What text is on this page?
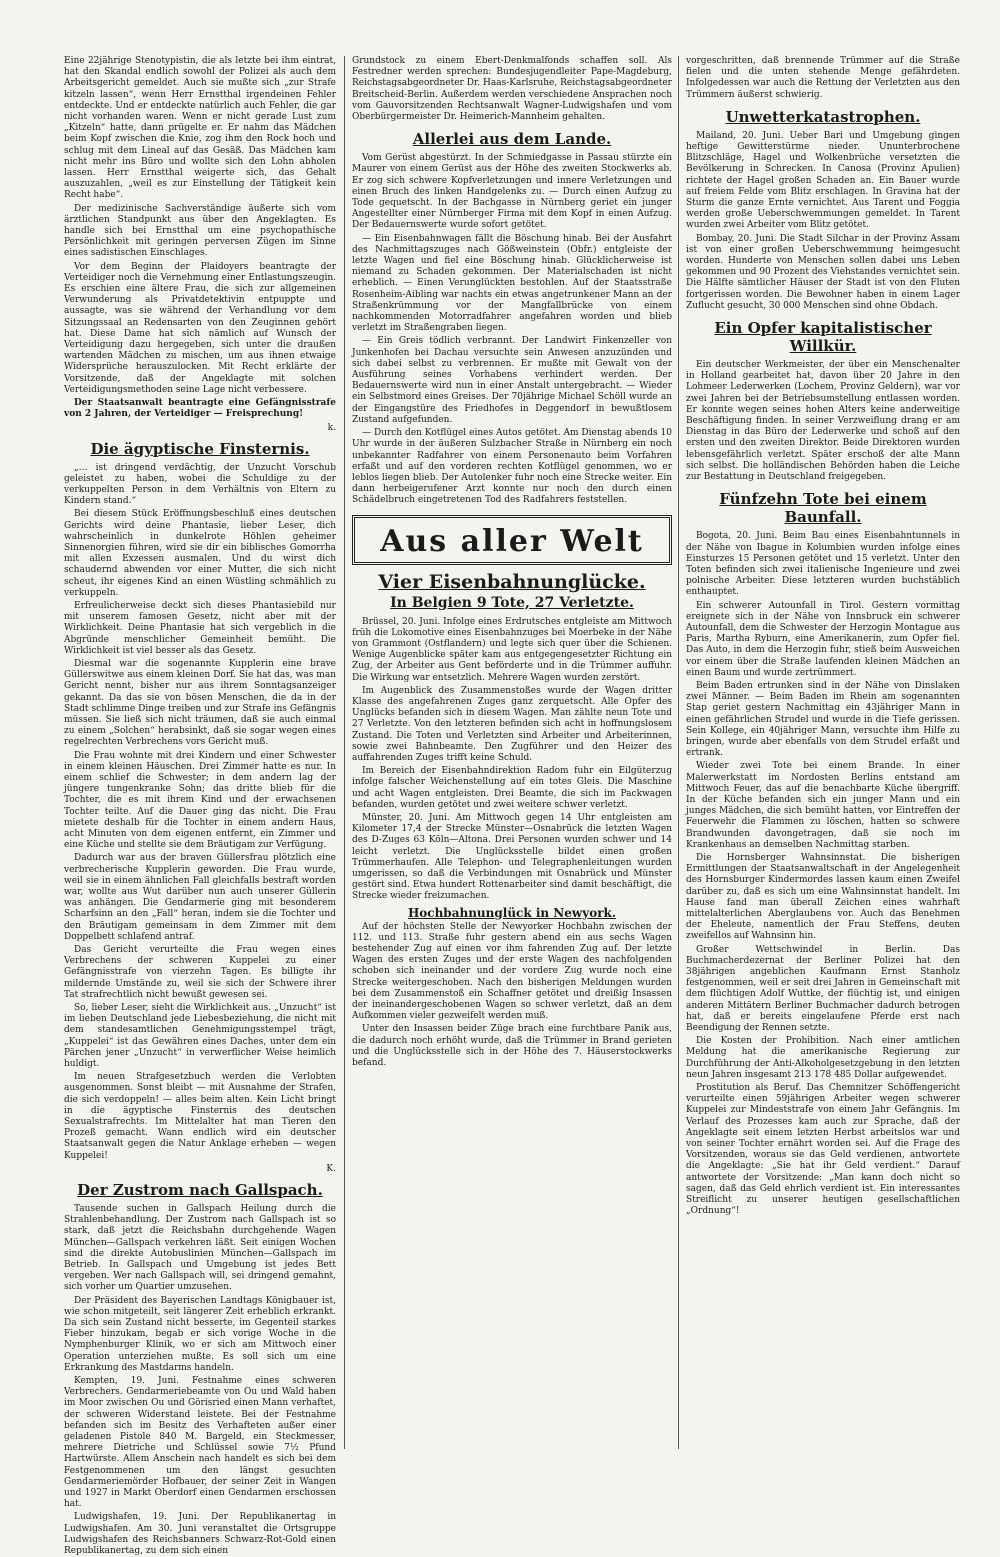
Eine 22jährige Stenotypistin, die als letzte bei ihm eintrat, hat den Skandal endlich sowohl der Polizei als auch dem Arbeitsgericht gemeldet. Auch sie mußte sich „zur Strafe kitzeln lassen“, wenn Herr Ernstthal irgendeinen Fehler entdeckte. Und er entdeckte natürlich auch Fehler, die gar nicht vorhanden waren. Wenn er nicht gerade Lust zum „Kitzeln“ hatte, dann prügelte er. Er nahm das Mädchen beim Kopf zwischen die Knie, zog ihm den Rock hoch und schlug mit dem Lineal auf das Gesäß. Das Mädchen kam nicht mehr ins Büro und wollte sich den Lohn abholen lassen. Herr Ernstthal weigerte sich, das Gehalt auszuzahlen, „weil es zur Einstellung der Tätigkeit kein Recht habe“.

Der medizinische Sachverständige äußerte sich vom ärztlichen Standpunkt aus über den Angeklagten. Es handle sich bei Ernstthal um eine psychopathische Persönlichkeit mit geringen perversen Zügen im Sinne eines sadistischen Einschlages.

Vor dem Beginn der Plaidoyers beantragte der Verteidiger noch die Vernehmung einer Entlastungszeugin. Es erschien eine ältere Frau, die sich zur allgemeinen Verwunderung als Privatdetektivin entpuppte und aussagte, was sie während der Verhandlung vor dem Sitzungssaal an Redensarten von den Zeuginnen gehört hat. Diese Dame hat sich nämlich auf Wunsch der Verteidigung dazu hergegeben, sich unter die draußen wartenden Mädchen zu mischen, um aus ihnen etwaige Widersprüche herauszulocken. Mit Recht erklärte der Vorsitzende, daß der Angeklagte mit solchen Verteidigungsmethoden seine Lage nicht verbessere.

Der Staatsanwalt beantragte eine Gefängnisstrafe von 2 Jahren, der Verteidiger — Freisprechung!

k.
Die ägyptische Finsternis.

„… ist dringend verdächtig, der Unzucht Vorschub geleistet zu haben, wobei die Schuldige zu der verkuppelten Person in dem Verhältnis von Eltern zu Kindern stand.“

Bei diesem Stück Eröffnungsbeschluß eines deutschen Gerichts wird deine Phantasie, lieber Leser, dich wahrscheinlich in dunkelrote Höhlen geheimer Sinnenorgien führen, wird sie dir ein biblisches Gomorrha mit allen Exzessen ausmalen. Und du wirst dich schaudernd abwenden vor einer Mutter, die sich nicht scheut, ihr eigenes Kind an einen Wüstling schmählich zu verkuppeln.

Erfreulicherweise deckt sich dieses Phantasiebild nur mit unserem famosen Gesetz, nicht aber mit der Wirklichkeit. Deine Phantasie hat sich vergeblich in die Abgründe menschlicher Gemeinheit bemüht. Die Wirklichkeit ist viel besser als das Gesetz.

Diesmal war die sogenannte Kupplerin eine brave Güllerswitwe aus einem kleinen Dorf. Sie hat das, was man Gericht nennt, bisher nur aus ihrem Sonntagsanzeiger gekannt. Da das sie von bösen Menschen, die da in der Stadt schlimme Dinge treiben und zur Strafe ins Gefängnis müssen. Sie ließ sich nicht träumen, daß sie auch einmal zu einem „Solchen“ herabsinkt, daß sie sogar wegen eines regelrechten Verbrechens vors Gericht muß.

Die Frau wohnte mit drei Kindern und einer Schwester in einem kleinen Häuschen. Drei Zimmer hatte es nur. In einem schlief die Schwester; in dem andern lag der jüngere tungenkranke Sohn; das dritte blieb für die Tochter, die es mit ihrem Kind und der erwachsenen Tochter teilte. Auf die Dauer ging das nicht. Die Frau mietete deshalb für die Tochter in einem andern Haus, acht Minuten von dem eigenen entfernt, ein Zimmer und eine Küche und stellte sie dem Bräutigam zur Verfügung.

Dadurch war aus der braven Güllersfrau plötzlich eine verbrecherische Kupplerin geworden. Die Frau wurde, weil sie in einem ähnlichen Fall gleichfalls bestraft worden war, wollte aus Wut darüber nun auch unserer Güllerin was anhängen. Die Gendarmerie ging mit besonderem Scharfsinn an den „Fall“ heran, indem sie die Tochter und den Bräutigam gemeinsam in dem Zimmer mit dem Doppelbett schlafend antraf.

Das Gericht verurteilte die Frau wegen eines Verbrechens der schweren Kuppelei zu einer Gefängnisstrafe von vierzehn Tagen. Es billigte ihr mildernde Umstände zu, weil sie sich der Schwere ihrer Tat strafrechtlich nicht bewußt gewesen sei.

So, lieber Leser, sieht die Wirklichkeit aus. „Unzucht“ ist im lieben Deutschland jede Liebesbeziehung, die nicht mit dem standesamtlichen Genehmigungsstempel trägt, „Kuppelei“ ist das Gewähren eines Daches, unter dem ein Pärchen jener „Unzucht“ in verwerflicher Weise heimlich huldigt.

Im neuen Strafgesetzbuch werden die Verlobten ausgenommen. Sonst bleibt — mit Ausnahme der Strafen, die sich verdoppeln! — alles beim alten. Kein Licht bringt in die ägyptische Finsternis des deutschen Sexualstrafrechts. Im Mittelalter hat man Tieren den Prozeß gemacht. Wann endlich wird ein deutscher Staatsanwalt gegen die Natur Anklage erheben — wegen Kuppelei!

K.
Der Zustrom nach Gallspach.

Tausende suchen in Gallspach Heilung durch die Strahlenbehandlung. Der Zustrom nach Gallspach ist so stark, daß jetzt die Reichsbahn durchgehende Wagen München—Gallspach verkehren läßt. Seit einigen Wochen sind die direkte Autobuslinien München—Gallspach im Betrieb. In Gallspach und Umgebung ist jedes Bett vergeben. Wer nach Gallspach will, sei dringend gemahnt, sich vorher um Quartier umzusehen.

Der Präsident des Bayerischen Landtags Königbauer ist, wie schon mitgeteilt, seit längerer Zeit erheblich erkrankt. Da sich sein Zustand nicht besserte, im Gegenteil starkes Fieber hinzukam, begab er sich vorige Woche in die Nymphenburger Klinik, wo er sich am Mittwoch einer Operation unterziehen mußte. Es soll sich um eine Erkrankung des Mastdarms handeln.

Kempten, 19. Juni. Festnahme eines schweren Verbrechers. Gendarmeriebeamte von Ou und Wald haben im Moor zwischen Ou und Görisried einen Mann verhaftet, der schweren Widerstand leistete. Bei der Festnahme befanden sich im Besitz des Verhafteten außer einer geladenen Pistole 840 M. Bargeld, ein Steckmesser, mehrere Dietriche und Schlüssel sowie 7½ Pfund Hartwürste. Allem Anschein nach handelt es sich bei dem Festgenommenen um den längst gesuchten Gendarmeriemörder Hofbauer, der seiner Zeit in Wangen und 1927 in Markt Oberdorf einen Gendarmen erschossen hat.

Ludwigshafen, 19. Juni. Der Republikanertag in Ludwigshafen. Am 30. Juni veranstaltet die Ortsgruppe Ludwigshafen des Reichsbanners Schwarz-Rot-Gold einen Republikanertag, zu dem sich einen

Grundstock zu einem Ebert-Denkmalfonds schaffen soll. Als Festredner werden sprechen: Bundesjugendleiter Pape-Magdeburg, Reichstagsabgeordneter Dr. Haas-Karlsruhe, Reichstagsabgeordneter Breitscheid-Berlin. Außerdem werden verschiedene Ansprachen noch vom Gauvorsitzenden Rechtsanwalt Wagner-Ludwigshafen und vom Oberbürgermeister Dr. Heimerich-Mannheim gehalten.

Allerlei aus dem Lande.

Vom Gerüst abgestürzt. In der Schmiedgasse in Passau stürzte ein Maurer von einem Gerüst aus der Höhe des zweiten Stockwerks ab. Er zog sich schwere Kopfverletzungen und innere Verletzungen und einen Bruch des linken Handgelenks zu. — Durch einen Aufzug zu Tode gequetscht. In der Bachgasse in Nürnberg geriet ein junger Angestellter einer Nürnberger Firma mit dem Kopf in einen Aufzug. Der Bedauernswerte wurde sofort getötet.

— Ein Eisenbahnwagen fällt die Böschung hinab. Bei der Ausfahrt des Nachmittagszuges nach Gößweinstein (Obfr.) entgleiste der letzte Wagen und fiel eine Böschung hinab. Glücklicherweise ist niemand zu Schaden gekommen. Der Materialschaden ist nicht erheblich. — Einen Verunglückten bestohlen. Auf der Staatsstraße Rosenheim-Aibling war nachts ein etwas angetrunkener Mann an der Straßenkrümmung vor der Mangfallbrücke von einem nachkommenden Motorradfahrer angefahren worden und blieb verletzt im Straßengraben liegen.

— Ein Greis tödlich verbrannt. Der Landwirt Finkenzeller von Junkenhofen bei Dachau versuchte sein Anwesen anzuzünden und sich dabei selbst zu verbrennen. Er mußte mit Gewalt von der Ausführung seines Vorhabens verhindert werden. Der Bedauernswerte wird nun in einer Anstalt untergebracht. — Wieder ein Selbstmord eines Greises. Der 70jährige Michael Schöll wurde an der Eingangstüre des Friedhofes in Deggendorf in bewußtlosem Zustand aufgefunden.

— Durch den Kotflügel eines Autos getötet. Am Dienstag abends 10 Uhr wurde in der äußeren Sulzbacher Straße in Nürnberg ein noch unbekannter Radfahrer von einem Personenauto beim Vorfahren erfaßt und auf den vorderen rechten Kotflügel genommen, wo er leblos liegen blieb. Der Autolenker fuhr noch eine Strecke weiter. Ein dann herbeigerufener Arzt konnte nur noch den durch einen Schädelbruch eingetretenen Tod des Radfahrers feststellen.

Aus aller Welt
Vier Eisenbahnunglücke.
In Belgien 9 Tote, 27 Verletzte.

Brüssel, 20. Juni. Infolge eines Erdrutsches entgleiste am Mittwoch früh die Lokomotive eines Eisenbahnzuges bei Moerbeke in der Nähe von Grammont (Ostflandern) und legte sich quer über die Schienen. Wenige Augenblicke später kam aus entgegengesetzter Richtung ein Zug, der Arbeiter aus Gent beförderte und in die Trümmer auffuhr. Die Wirkung war entsetzlich. Mehrere Wagen wurden zerstört.

Im Augenblick des Zusammenstoßes wurde der Wagen dritter Klasse des angefahrenen Zuges ganz zerquetscht. Alle Opfer des Unglücks befanden sich in diesem Wagen. Man zählte neun Tote und 27 Verletzte. Von den letzteren befinden sich acht in hoffnungslosem Zustand. Die Toten und Verletzten sind Arbeiter und Arbeiterinnen, sowie zwei Bahnbeamte. Den Zugführer und den Heizer des auffahrenden Zuges trifft keine Schuld.

Im Bereich der Eisenbahndirektion Radom fuhr ein Eilgüterzug infolge falscher Weichenstellung auf ein totes Gleis. Die Maschine und acht Wagen entgleisten. Drei Beamte, die sich im Packwagen befanden, wurden getötet und zwei weitere schwer verletzt.

Münster, 20. Juni. Am Mittwoch gegen 14 Uhr entgleisten am Kilometer 17,4 der Strecke Münster—Osnabrück die letzten Wagen des D-Zuges 63 Köln—Altona. Drei Personen wurden schwer und 14 leicht verletzt. Die Unglücksstelle bildet einen großen Trümmerhaufen. Alle Telephon- und Telegraphenleitungen wurden umgerissen, so daß die Verbindungen mit Osnabrück und Münster gestört sind. Etwa hundert Rottenarbeiter sind damit beschäftigt, die Strecke wieder freizumachen.

Hochbahnunglück in Newyork.

Auf der höchsten Stelle der Newyorker Hochbahn zwischen der 112. und 113. Straße fuhr gestern abend ein aus sechs Wagen bestehender Zug auf einen vor ihm fahrenden Zug auf. Der letzte Wagen des ersten Zuges und der erste Wagen des nachfolgenden schoben sich ineinander und der vordere Zug wurde noch eine Strecke weitergeschoben. Nach den bisherigen Meldungen wurden bei dem Zusammenstoß ein Schaffner getötet und dreißig Insassen der ineinandergeschobenen Wagen so schwer verletzt, daß an dem Aufkommen vieler gezweifelt werden muß.

Unter den Insassen beider Züge brach eine furchtbare Panik aus, die dadurch noch erhöht wurde, daß die Trümmer in Brand gerieten und die Unglücksstelle sich in der Höhe des 7. Häuserstockwerks befand.

vorgeschritten, daß brennende Trümmer auf die Straße fielen und die unten stehende Menge gefährdeten. Infolgedessen war auch die Rettung der Verletzten aus den Trümmern äußerst schwierig.

Unwetterkatastrophen.

Mailand, 20. Juni. Ueber Bari und Umgebung gingen heftige Gewitterstürme nieder. Ununterbrochene Blitzschläge, Hagel und Wolkenbrüche versetzten die Bevölkerung in Schrecken. In Canosa (Provinz Apulien) richtete der Hagel großen Schaden an. Ein Bauer wurde auf freiem Felde vom Blitz erschlagen. In Gravina hat der Sturm die ganze Ernte vernichtet. Aus Tarent und Foggia werden große Ueberschwemmungen gemeldet. In Tarent wurden zwei Arbeiter vom Blitz getötet.

Bombay, 20. Juni. Die Stadt Silchar in der Provinz Assam ist von einer großen Ueberschwemmung heimgesucht worden. Hunderte von Menschen sollen dabei uns Leben gekommen und 90 Prozent des Viehstandes vernichtet sein. Die Hälfte sämtlicher Häuser der Stadt ist von den Fluten fortgerissen worden. Die Bewohner haben in einem Lager Zuflucht gesucht, 30 000 Menschen sind ohne Obdach.

Ein Opfer kapitalistischer Willkür.

Ein deutscher Werkmeister, der über ein Menschenalter in Holland gearbeitet hat, davon über 20 Jahre in den Lohmeer Lederwerken (Lochem, Provinz Geldern), war vor zwei Jahren bei der Betriebsumstellung entlassen worden. Er konnte wegen seines hohen Alters keine anderweitige Beschäftigung finden. In seiner Verzweiflung drang er am Dienstag in das Büro der Lederwerke und schoß auf den ersten und den zweiten Direktor. Beide Direktoren wurden lebensgefährlich verletzt. Später erschoß der alte Mann sich selbst. Die holländischen Behörden haben die Leiche zur Bestattung in Deutschland freigegeben.

Fünfzehn Tote bei einem Baunfall.

Bogota, 20. Juni. Beim Bau eines Eisenbahntunnels in der Nähe von Ibague in Kolumbien wurden infolge eines Einsturzes 15 Personen getötet und 15 verletzt. Unter den Toten befinden sich zwei italienische Ingenieure und zwei polnische Arbeiter. Diese letzteren wurden buchstäblich enthauptet.

Ein schwerer Autounfall in Tirol. Gestern vormittag ereignete sich in der Nähe von Innsbruck ein schwerer Autounfall, dem die Schwester der Herzogin Montague aus Paris, Martha Ryburn, eine Amerikanerin, zum Opfer fiel. Das Auto, in dem die Herzogin fuhr, stieß beim Ausweichen vor einem über die Straße laufenden kleinen Mädchen an einen Baum und wurde zertrümmert.

Beim Baden ertrunken sind in der Nähe von Dinslaken zwei Männer. — Beim Baden im Rhein am sogenannten Stap geriet gestern Nachmittag ein 43jähriger Mann in einen gefährlichen Strudel und wurde in die Tiefe gerissen. Sein Kollege, ein 40jähriger Mann, versuchte ihm Hilfe zu bringen, wurde aber ebenfalls von dem Strudel erfaßt und ertrank.

Wieder zwei Tote bei einem Brande. In einer Malerwerkstatt im Nordosten Berlins entstand am Mittwoch Feuer, das auf die benachbarte Küche übergriff. In der Küche befanden sich ein junger Mann und ein junges Mädchen, die sich bemüht hatten, vor Eintreffen der Feuerwehr die Flammen zu löschen, hatten so schwere Brandwunden davongetragen, daß sie noch im Krankenhaus an demselben Nachmittag starben.

Die Hornsberger Wahnsinnstat. Die bisherigen Ermittlungen der Staatsanwaltschaft in der Angelegenheit des Hornsburger Kindermordes lassen kaum einen Zweifel darüber zu, daß es sich um eine Wahnsinnstat handelt. Im Hause fand man überall Zeichen eines wahrhaft mittelalterlichen Aberglaubens vor. Auch das Benehmen der Eheleute, namentlich der Frau Steffens, deuten zweifellos auf Wahnsinn hin.

Großer Wettschwindel in Berlin. Das Buchmacherdezernat der Berliner Polizei hat den 38jährigen angeblichen Kaufmann Ernst Stanholz festgenommen, weil er seit drei Jahren in Gemeinschaft mit dem flüchtigen Adolf Wuttke, der flüchtig ist, und einigen anderen Mittätern Berliner Buchmacher dadurch betrogen hat, daß er bereits eingelaufene Pferde erst nach Beendigung der Rennen setzte.

Die Kosten der Prohibition. Nach einer amtlichen Meldung hat die amerikanische Regierung zur Durchführung der Anti-Alkoholgesetzgebung in den letzten neun Jahren insgesamt 213 178 485 Dollar aufgewendet.

Prostitution als Beruf. Das Chemnitzer Schöffengericht verurteilte einen 59jährigen Arbeiter wegen schwerer Kuppelei zur Mindeststrafe von einem Jahr Gefängnis. Im Verlauf des Prozesses kam auch zur Sprache, daß der Angeklagte seit einem letzten Herbst arbeitslos war und von seiner Tochter ernährt worden sei. Auf die Frage des Vorsitzenden, woraus sie das Geld verdienen, antwortete die Angeklagte: „Sie hat ihr Geld verdient.“ Darauf antwortete der Vorsitzende: „Man kann doch nicht so sagen, daß das Geld ehrlich verdient ist. Ein interessantes Streiflicht zu unserer heutigen gesellschaftlichen „Ordnung“!
